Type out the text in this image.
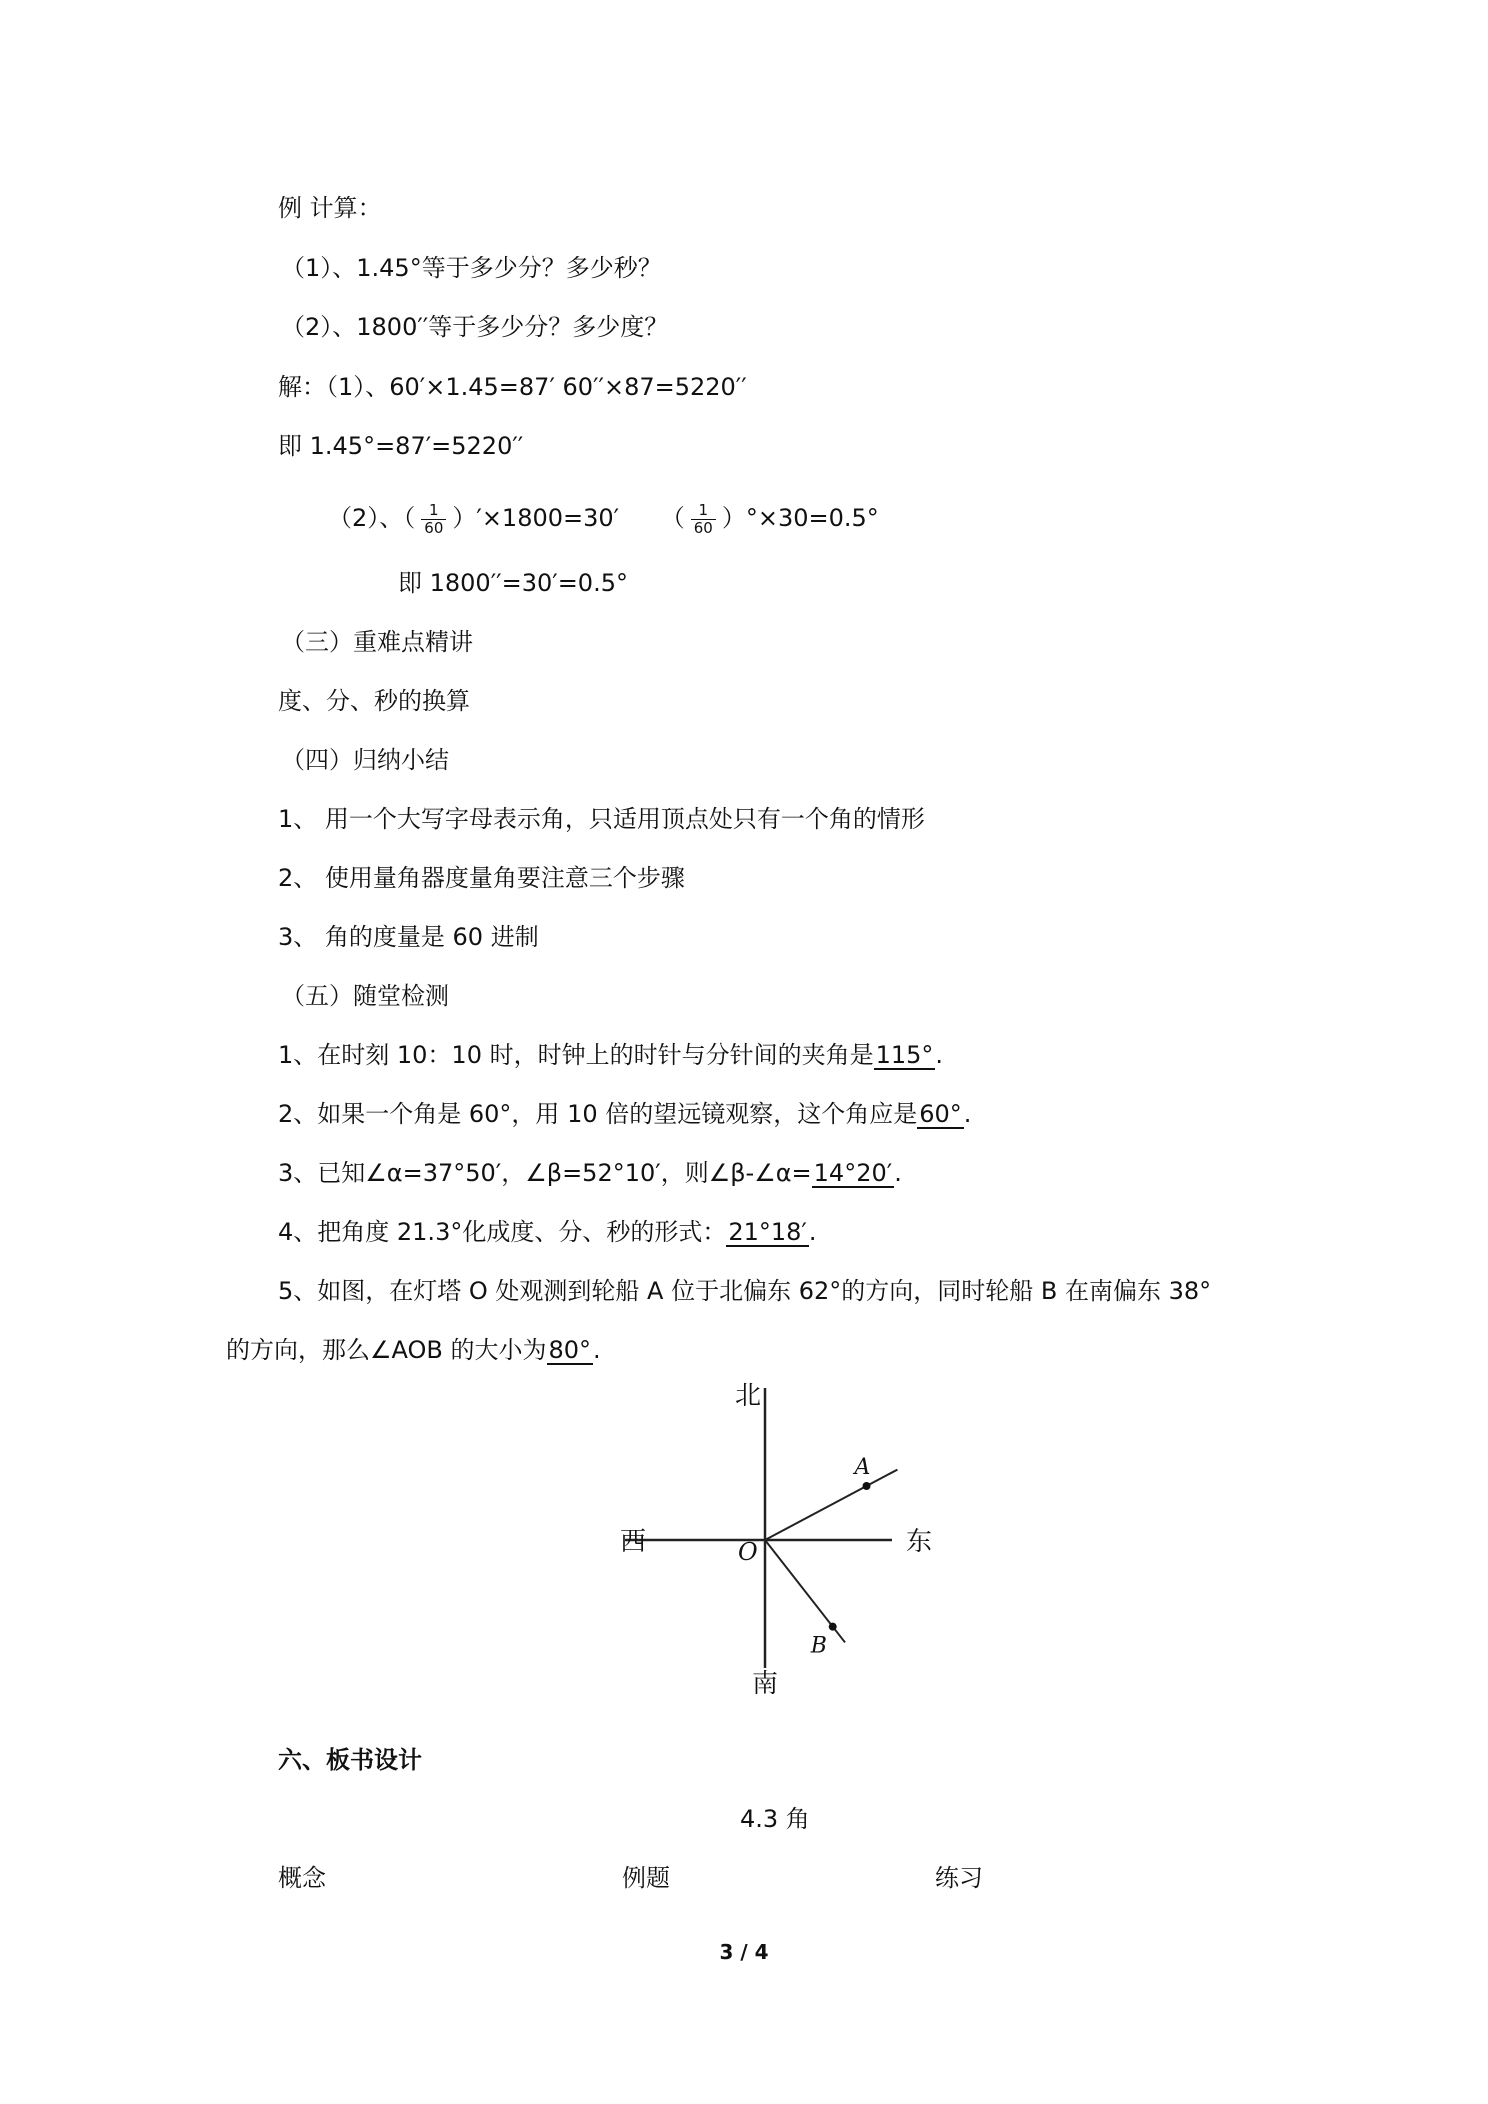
例 计算：
（1）、1.45°等于多少分？多少秒？
（2）、1800′′等于多少分？多少度？
解：（1）、60′×1.45=87′ 60′′×87=5220′′
即 1.45°=87′=5220′′
（2）、（ $\frac{1}{60} )'\times 1800=30'$ （ $\frac{1}{60} )^\circ\times 30=0.5^\circ$
即 1800′′=30′=0.5°
（三）重难点精讲
度、分、秒的换算
（四）归纳小结
1、 用一个大写字母表示角，只适用顶点处只有一个角的情形
2、 使用量角器度量角要注意三个步骤
3、 角的度量是 60 进制
（五）随堂检测
1、在时刻 10：10 时，时钟上的时针与分针间的夹角是115°.
2、如果一个角是 60°，用 10 倍的望远镜观察，这个角应是60°.
3、已知∠α=37°50′，∠β=52°10′，则∠β-∠α=14°20′.
4、把角度 21.3°化成度、分、秒的形式：21°18′.
5、如图，在灯塔 O 处观测到轮船 A 位于北偏东 62°的方向，同时轮船 B 在南偏东 38°
的方向，那么∠AOB 的大小为80°.
北
南
西	东
O
A
B
六、板书设计
4.3 角
概念	例题	练习
3 / 4
